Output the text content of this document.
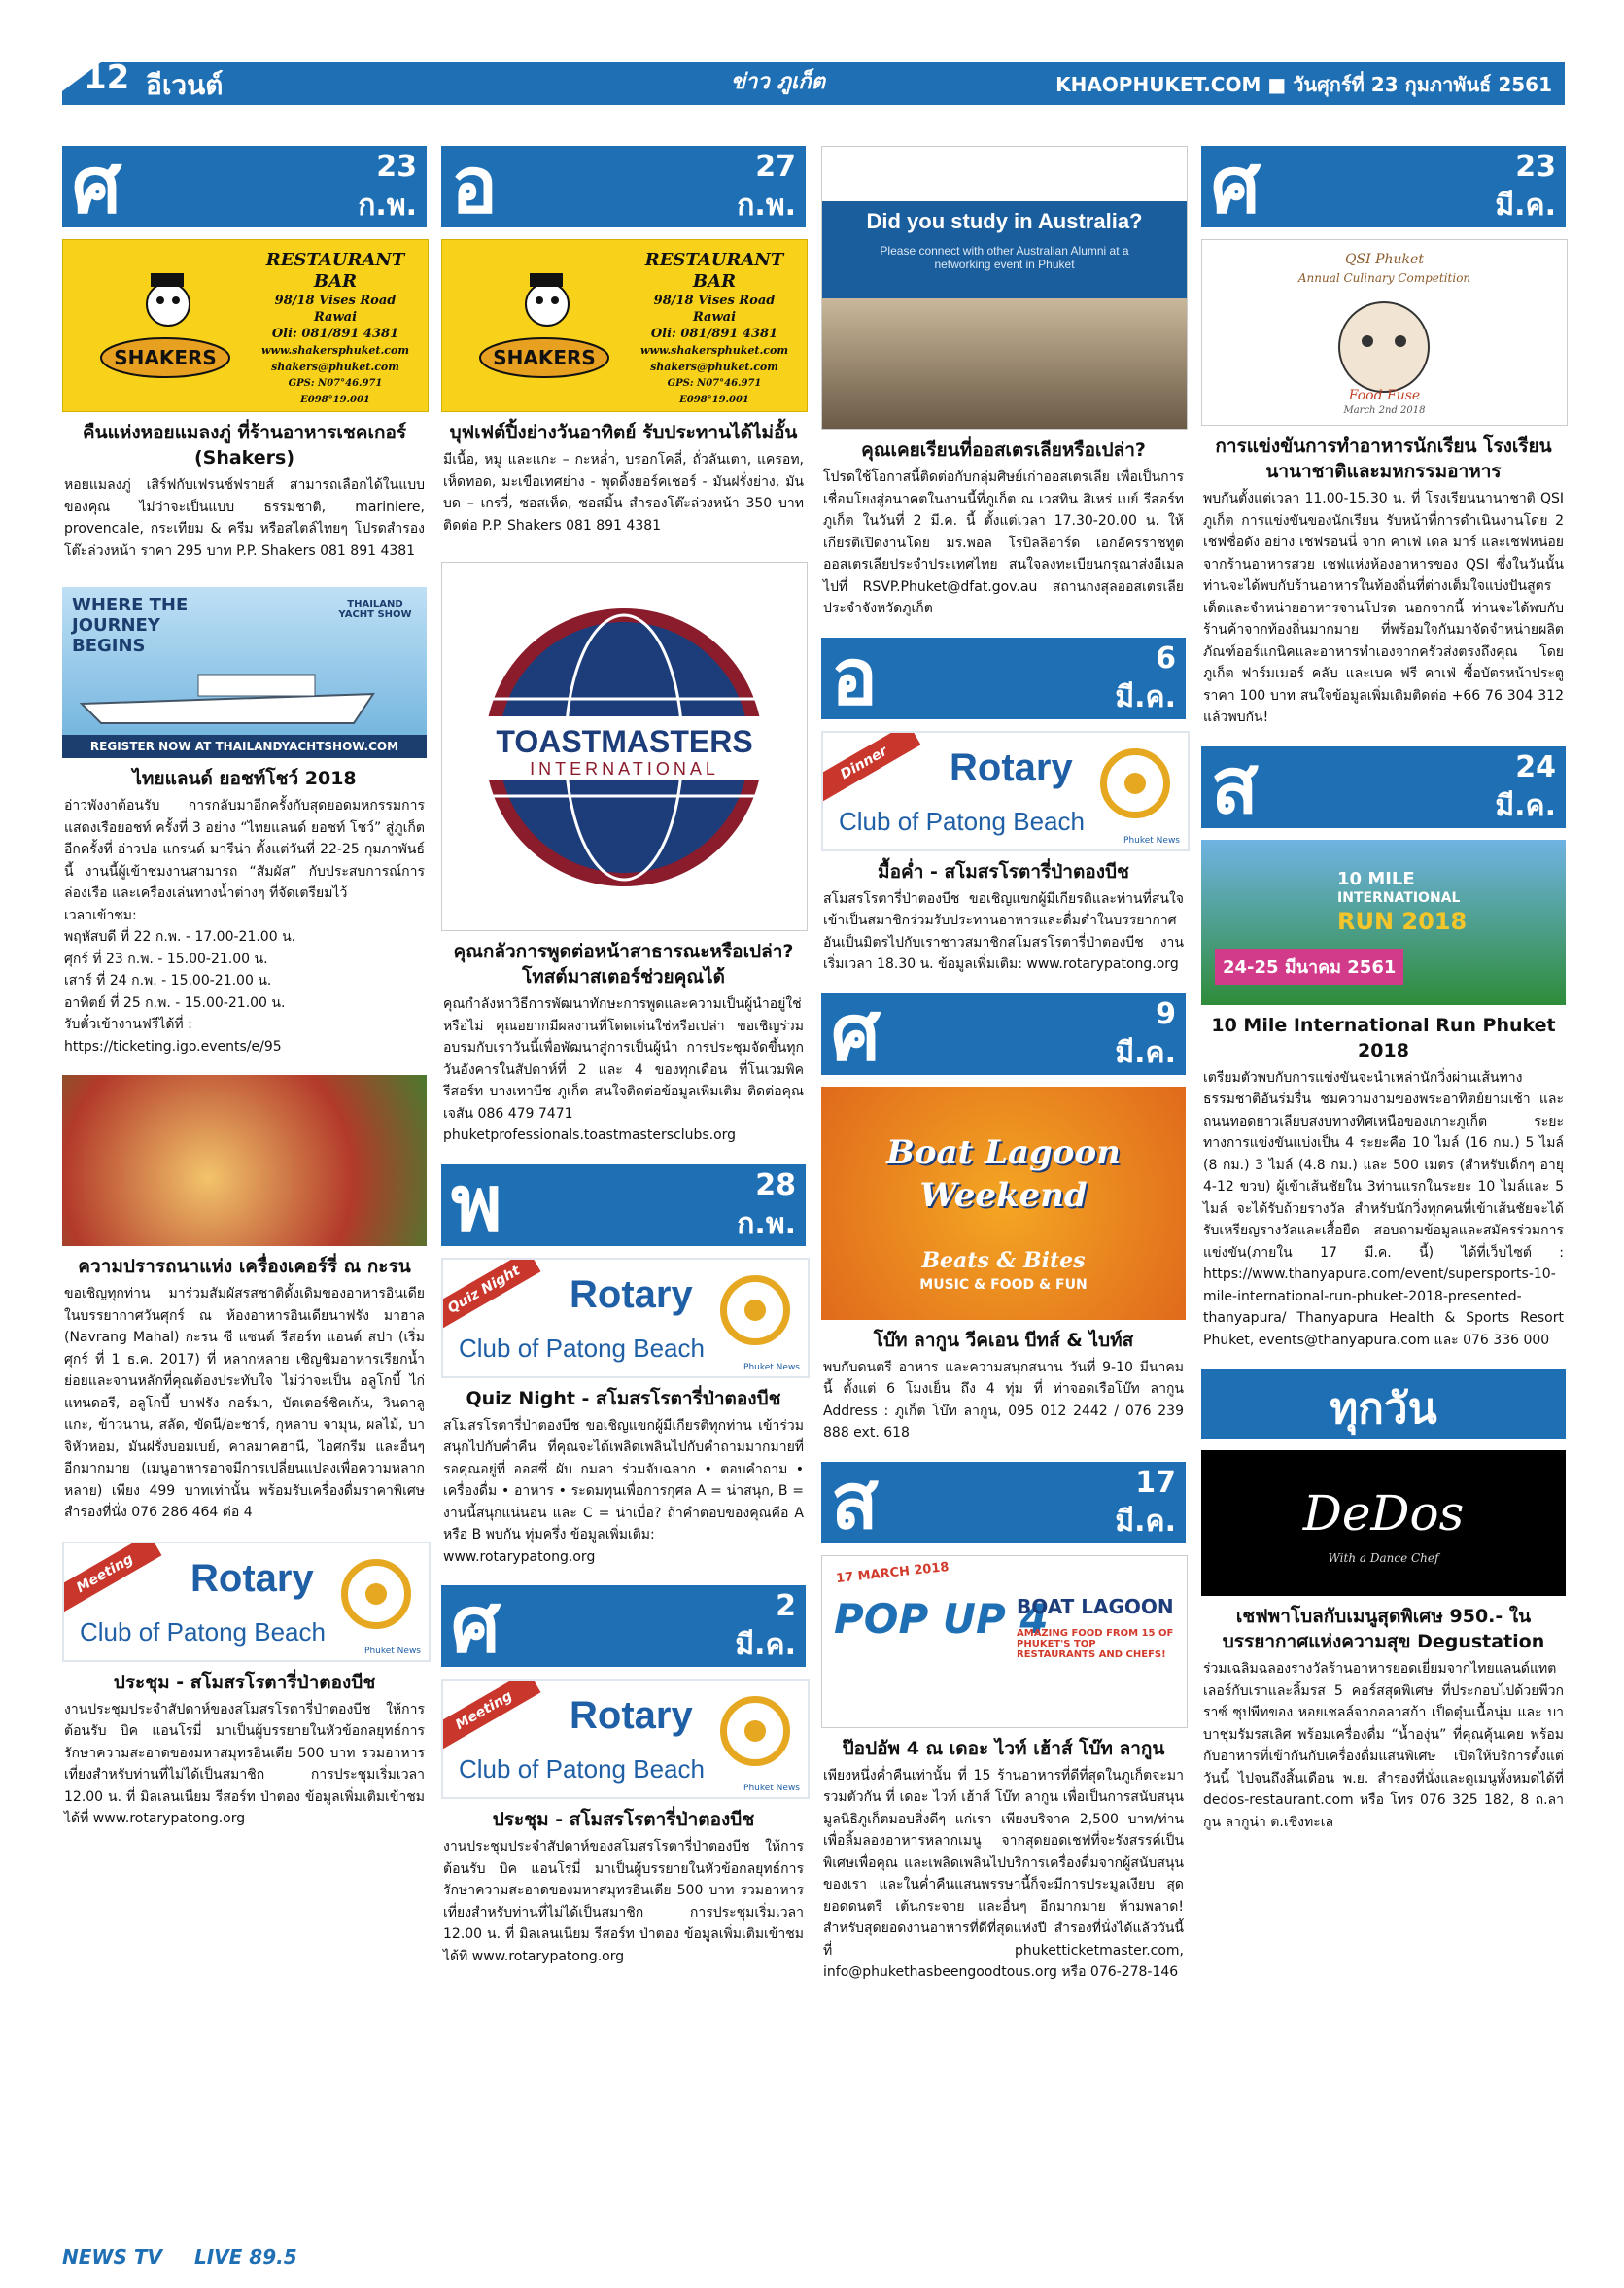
12 อีเวนต์	ข่าว ภูเก็ต	KHAOPHUKET.COM ■ วันศุกร์ที่ 23 กุมภาพันธ์ 2561
ศ	23
ก.พ.
SHAKERS
RESTAURANT
BAR
98/18 Vises Road
Rawai
Oli: 081/891 4381
www.shakersphuket.com
shakers@phuket.com
GPS: N07°46.971
E098°19.001
คืนแห่งหอยแมลงภู่ ที่ร้านอาหารเชคเกอร์ (Shakers)
หอยแมลงภู่ เสิร์ฟกับเฟรนช์ฟรายส์ สามารถเลือกได้ในแบบของคุณ ไม่ว่าจะเป็นแบบ ธรรมชาติ, mariniere, provencale, กระเทียม & ครีม หรือสไตล์ไทยๆ โปรดสำรองโต๊ะล่วงหน้า ราคา 295 บาท P.P. Shakers 081 891 4381
WHERE THE JOURNEY BEGINS
THAILAND YACHT SHOW
REGISTER NOW AT THAILANDYACHTSHOW.COM
ไทยแลนด์ ยอชท์โชว์ 2018
อ่าวพังงาต้อนรับ การกลับมาอีกครั้งกับสุดยอดมหกรรมการแสดงเรือยอชท์ ครั้งที่ 3 อย่าง “ไทยแลนด์ ยอชท์ โชว์” สู่ภูเก็ตอีกครั้งที่ อ่าวปอ แกรนด์ มารีน่า ตั้งแต่วันที่ 22-25 กุมภาพันธ์นี้ งานนี้ผู้เข้าชมงานสามารถ “สัมผัส” กับประสบการณ์การล่องเรือ และเครื่องเล่นทางน้ำต่างๆ ที่จัดเตรียมไว้
เวลาเข้าชม:
พฤหัสบดี ที่ 22 ก.พ. - 17.00-21.00 น.
ศุกร์ ที่ 23 ก.พ. - 15.00-21.00 น.
เสาร์ ที่ 24 ก.พ. - 15.00-21.00 น.
อาทิตย์ ที่ 25 ก.พ. - 15.00-21.00 น.
รับตั๋วเข้างานฟรีได้ที่ :
https://ticketing.igo.events/e/95
ความปรารถนาแห่ง เครื่องเคอร์รี่ ณ กะรน
ขอเชิญทุกท่าน มาร่วมสัมผัสรสชาติดั้งเดิมของอาหารอินเดีย ในบรรยากาศวันศุกร์ ณ ห้องอาหารอินเดียนาฟรัง มาฮาล (Navrang Mahal) กะรน ซี แซนด์ รีสอร์ท แอนด์ สปา (เริ่มศุกร์ ที่ 1 ธ.ค. 2017) ที่ หลากหลาย เชิญชิมอาหารเรียกน้ำย่อยและจานหลักที่คุณต้องประทับใจ ไม่ว่าจะเป็น อลูโกบี้ ไก่แทนดอรี, อลูโกบี้ บาฟรัง กอร์มา, บัตเตอร์ชิคเก้น, วินดาลูแกะ, ข้าวนาน, สลัด, ขัดนี/อะชาร์, กุหลาบ จามุน, ผลไม้, บาจิหัวหอม, มันฝรั่งบอมเบย์, คาลมาคฮานี, ไอศกรีม และอื่นๆ อีกมากมาย (เมนูอาหารอาจมีการเปลี่ยนแปลงเพื่อความหลากหลาย) เพียง 499 บาทเท่านั้น พร้อมรับเครื่องดื่มราคาพิเศษ สำรองที่นั่ง 076 286 464 ต่อ 4
Meeting	Rotary
Club of Patong Beach
Phuket News
ประชุม - สโมสรโรตารี่ป่าตองบีช
งานประชุมประจำสัปดาห์ของสโมสรโรตารี่ป่าตองบีช ให้การต้อนรับ บิค แอนโรมี่ มาเป็นผู้บรรยายในหัวข้อกลยุทธ์การรักษาความสะอาดของมหาสมุทรอินเดีย 500 บาท รวมอาหารเที่ยงสำหรับท่านที่ไม่ได้เป็นสมาชิก การประชุมเริ่มเวลา 12.00 น. ที่ มิลเลนเนียม รีสอร์ท ป่าตอง ข้อมูลเพิ่มเติมเข้าชมได้ที่ www.rotarypatong.org
อ	27
ก.พ.
SHAKERS
RESTAURANT
BAR
98/18 Vises Road
Rawai
Oli: 081/891 4381
www.shakersphuket.com
shakers@phuket.com
GPS: N07°46.971
E098°19.001
บุฟเฟต์ปิ้งย่างวันอาทิตย์ รับประทานได้ไม่อั้น
มีเนื้อ, หมู และแกะ – กะหล่ำ, บรอกโคลี่, ถั่วลันเตา, แครอท, เห็ดทอด, มะเขือเทศย่าง - พุดดิ้งยอร์คเชอร์ - มันฝรั่งย่าง, มันบด – เกรวี่, ซอสเห็ด, ซอสมิ้น สำรองโต๊ะล่วงหน้า 350 บาท ติดต่อ P.P. Shakers 081 891 4381
TOASTMASTERS
INTERNATIONAL
คุณกลัวการพูดต่อหน้าสาธารณะหรือเปล่า? โทสต์มาสเตอร์ช่วยคุณได้
คุณกำลังหาวิธีการพัฒนาทักษะการพูดและความเป็นผู้นำอยู่ใช่หรือไม่ คุณอยากมีผลงานที่โดดเด่นใช่หรือเปล่า ขอเชิญร่วมอบรมกับเราวันนี้เพื่อพัฒนาสู่การเป็นผู้นำ การประชุมจัดขึ้นทุกวันอังคารในสัปดาห์ที่ 2 และ 4 ของทุกเดือน ที่โนเวมพิค รีสอร์ท บางเทาบีช ภูเก็ต สนใจติดต่อข้อมูลเพิ่มเติม ติดต่อคุณเจสัน 086 479 7471
phuketprofessionals.toastmastersclubs.org
พ	28
ก.พ.
Quiz Night	Rotary
Club of Patong Beach
Phuket News
Quiz Night - สโมสรโรตารี่ป่าตองบีช
สโมสรโรตารี่ป่าตองบีช ขอเชิญแขกผู้มีเกียรติทุกท่าน เข้าร่วมสนุกไปกับค่ำคืน ที่คุณจะได้เพลิดเพลินไปกับคำถามมากมายที่รอคุณอยู่ที่ ออสซี่ ผับ กมลา ร่วมจับฉลาก • ตอบคำถาม • เครื่องดื่ม • อาหาร • ระดมทุนเพื่อการกุศล A = น่าสนุก, B = งานนี้สนุกแน่นอน และ C = น่าเบื่อ? ถ้าคำตอบของคุณคือ A หรือ B พบกัน ทุ่มครึ่ง ข้อมูลเพิ่มเติม:
www.rotarypatong.org
ศ	2
มี.ค.
Meeting	Rotary
Club of Patong Beach
Phuket News
ประชุม - สโมสรโรตารี่ป่าตองบีช
งานประชุมประจำสัปดาห์ของสโมสรโรตารี่ป่าตองบีช ให้การต้อนรับ บิค แอนโรมี่ มาเป็นผู้บรรยายในหัวข้อกลยุทธ์การรักษาความสะอาดของมหาสมุทรอินเดีย 500 บาท รวมอาหารเที่ยงสำหรับท่านที่ไม่ได้เป็นสมาชิก การประชุมเริ่มเวลา 12.00 น. ที่ มิลเลนเนียม รีสอร์ท ป่าตอง ข้อมูลเพิ่มเติมเข้าชมได้ที่ www.rotarypatong.org
Did you study in Australia?
Please connect with other Australian Alumni at a networking event in Phuket
คุณเคยเรียนที่ออสเตรเลียหรือเปล่า?
โปรดใช้โอกาสนี้ติดต่อกับกลุ่มศิษย์เก่าออสเตรเลีย เพื่อเป็นการเชื่อมโยงสู่อนาคตในงานนี้ที่ภูเก็ต ณ เวสทิน สิเหร่ เบย์ รีสอร์ท ภูเก็ต ในวันที่ 2 มี.ค. นี้ ตั้งแต่เวลา 17.30-20.00 น. ให้เกียรติเปิดงานโดย มร.พอล โรบิลลิอาร์ด เอกอัครราชทูตออสเตรเลียประจำประเทศไทย สนใจลงทะเบียนกรุณาส่งอีเมลไปที่ RSVP.Phuket@dfat.gov.au สถานกงสุลออสเตรเลียประจำจังหวัดภูเก็ต
อ	6
มี.ค.
Dinner	Rotary
Club of Patong Beach
Phuket News
มื้อค่ำ - สโมสรโรตารี่ป่าตองบีช
สโมสรโรตารี่ป่าตองบีช ขอเชิญแขกผู้มีเกียรติและท่านที่สนใจเข้าเป็นสมาชิกร่วมรับประทานอาหารและดื่มด่ำในบรรยากาศอันเป็นมิตรไปกับเราชาวสมาชิกสโมสรโรตารี่ป่าตองบีช งานเริ่มเวลา 18.30 น. ข้อมูลเพิ่มเติม: www.rotarypatong.org
ศ	9
มี.ค.
Boat Lagoon
Weekend
Beats & Bites
MUSIC & FOOD & FUN
โบ๊ท ลากูน วีคเอน บีทส์ & ไบท์ส
พบกับดนตรี อาหาร และความสนุกสนาน วันที่ 9-10 มีนาคม นี้ ตั้งแต่ 6 โมงเย็น ถึง 4 ทุ่ม ที่ ท่าจอดเรือโบ๊ท ลากูน Address : ภูเก็ต โบ๊ท ลากูน, 095 012 2442 / 076 239 888 ext. 618
ส	17
มี.ค.
17 MARCH 2018
POP UP 4
BOAT LAGOON
AMAZING FOOD FROM 15 OF PHUKET'S TOP RESTAURANTS AND CHEFS!
ป๊อปอัพ 4 ณ เดอะ ไวท์ เฮ้าส์ โบ๊ท ลากูน
เพียงหนึ่งค่ำคืนเท่านั้น ที่ 15 ร้านอาหารที่ดีที่สุดในภูเก็ตจะมารวมตัวกัน ที่ เดอะ ไวท์ เฮ้าส์ โบ๊ท ลากูน เพื่อเป็นการสนับสนุนมูลนิธิภูเก็ตมอบสิ่งดีๆ แก่เรา เพียงบริจาค 2,500 บาท/ท่าน เพื่อลิ้มลองอาหารหลากเมนู จากสุดยอดเชฟที่จะรังสรรค์เป็นพิเศษเพื่อคุณ และเพลิดเพลินไปบริการเครื่องดื่มจากผู้สนับสนุนของเรา และในค่ำคืนแสนพรรษานี้ก็จะมีการประมูลเงียบ สุดยอดดนตรี เต้นกระจาย และอื่นๆ อีกมากมาย ห้ามพลาด! สำหรับสุดยอดงานอาหารที่ดีที่สุดแห่งปี สำรองที่นั่งได้แล้ววันนี้ ที่ phuketticketmaster.com, info@phukethasbeengoodtous.org หรือ 076-278-146
ศ	23
มี.ค.
QSI Phuket
Annual Culinary Competition
Food Fuse
March 2nd 2018
การแข่งขันการทำอาหารนักเรียน โรงเรียนนานาชาติและมหกรรมอาหาร
พบกันตั้งแต่เวลา 11.00-15.30 น. ที่ โรงเรียนนานาชาติ QSI ภูเก็ต การแข่งขันของนักเรียน รับหน้าที่การดำเนินงานโดย 2 เชฟชื่อดัง อย่าง เชฟรอนนี่ จาก คาเฟ่ เดล มาร์ และเชฟหน่อย จากร้านอาหารสวย เชฟแห่งห้องอาหารของ QSI ซึ่งในวันนั้นท่านจะได้พบกับร้านอาหารในท้องถิ่นที่ต่างเต็มใจแบ่งปันสูตรเด็ดและจำหน่ายอาหารจานโปรด นอกจากนี้ ท่านจะได้พบกับร้านค้าจากท้องถิ่นมากมาย ที่พร้อมใจกันมาจัดจำหน่ายผลิตภัณฑ์ออร์แกนิคและอาหารทำเองจากครัวส่งตรงถึงคุณ โดย ภูเก็ต ฟาร์มเมอร์ คลับ และเบค ฟรี คาเฟ่ ซื้อบัตรหน้าประตูราคา 100 บาท สนใจข้อมูลเพิ่มเติมติดต่อ +66 76 304 312 แล้วพบกัน!
ส	24
มี.ค.
10 MILE
INTERNATIONAL
RUN 2018
24-25 มีนาคม 2561
10 Mile International Run Phuket 2018
เตรียมตัวพบกับการแข่งขันจะนำเหล่านักวิ่งผ่านเส้นทางธรรมชาติอันร่มรื่น ชมความงามของพระอาทิตย์ยามเช้า และถนนทอดยาวเลียบสงบทางทิศเหนือของเกาะภูเก็ต ระยะทางการแข่งขันแบ่งเป็น 4 ระยะคือ 10 ไมล์ (16 กม.) 5 ไมล์ (8 กม.) 3 ไมล์ (4.8 กม.) และ 500 เมตร (สำหรับเด็กๆ อายุ 4-12 ขวบ) ผู้เข้าเส้นชัยใน 3ท่านแรกในระยะ 10 ไมล์และ 5 ไมล์ จะได้รับถ้วยรางวัล สำหรับนักวิ่งทุกคนที่เข้าเส้นชัยจะได้รับเหรียญรางวัลและเสื้อยืด สอบถามข้อมูลและสมัครร่วมการแข่งขัน(ภายใน 17 มี.ค. นี้) ได้ที่เว็บไซต์ : https://www.thanyapura.com/event/supersports-10-mile-international-run-phuket-2018-presented-thanyapura/ Thanyapura Health & Sports Resort Phuket, events@thanyapura.com และ 076 336 000
ทุกวัน
DeDos
With a Dance Chef
เชฟพาโบลกับเมนูสุดพิเศษ 950.- ในบรรยากาศแห่งความสุข Degustation
ร่วมเฉลิมฉลองรางวัลร้านอาหารยอดเยี่ยมจากไทยแลนด์แทตเลอร์กับเราและลิ้มรส 5 คอร์สสุดพิเศษ ที่ประกอบไปด้วยพีวกราซ์ ซุปพีทของ หอยเชลล์จากอลาสก้า เป็ดตุ๋นเนื้อนุ่ม และ บาบาชุ่มรัมรสเลิศ พร้อมเครื่องดื่ม “น้ำองุ่น” ที่คุณคุ้นเคย พร้อมกับอาหารที่เข้ากันกับเครื่องดื่มแสนพิเศษ เปิดให้บริการตั้งแต่วันนี้ ไปจนถึงสิ้นเดือน พ.ย. สำรองที่นั่งและดูเมนูทั้งหมดได้ที่ dedos-restaurant.com หรือ โทร 076 325 182, 8 ถ.ลากูน ลากูน่า ต.เชิงทะเล
NEWS TV LIVE 89.5
